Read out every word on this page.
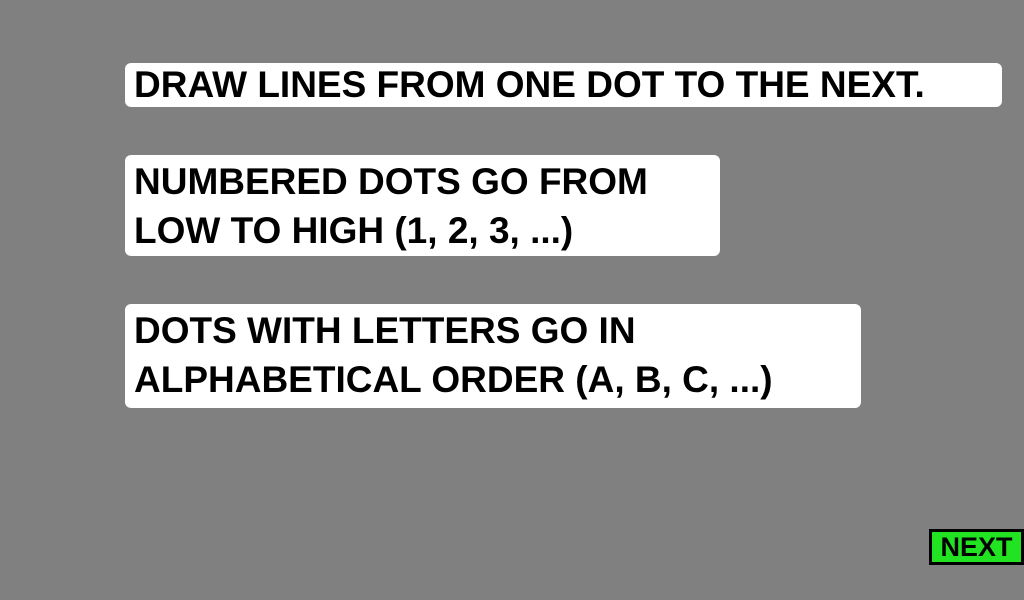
DRAW LINES FROM ONE DOT TO THE NEXT.
NUMBERED DOTS GO FROM
LOW TO HIGH (1, 2, 3, ...)
DOTS WITH LETTERS GO IN
ALPHABETICAL ORDER (A, B, C, ...)
NEXT
